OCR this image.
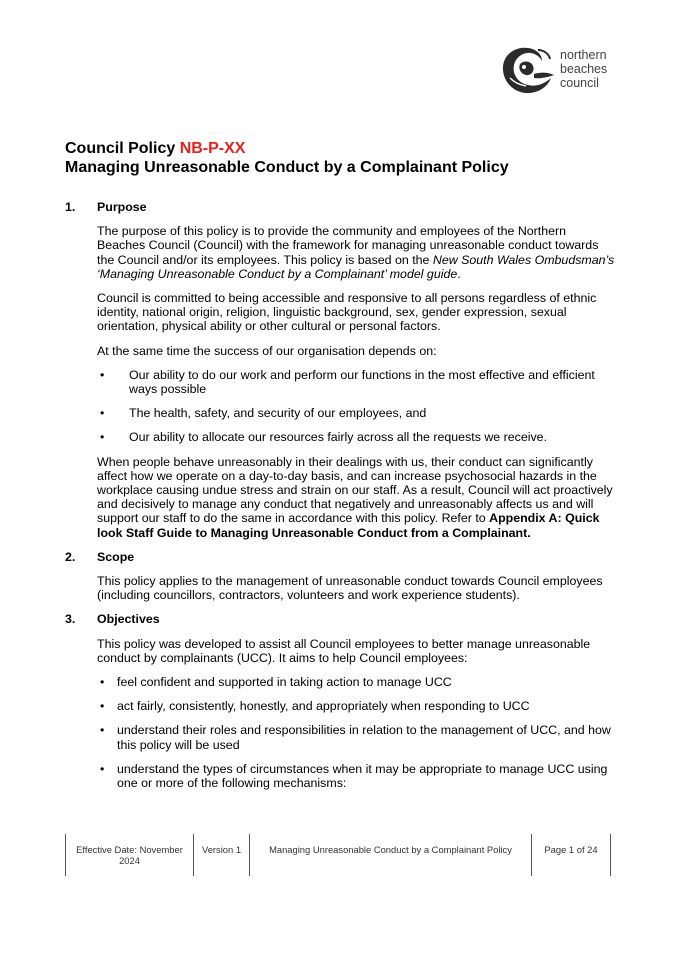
northern
beaches
council
Council Policy NB-P-XX
Managing Unreasonable Conduct by a Complainant Policy
1.	Purpose

The purpose of this policy is to provide the community and employees of the Northern Beaches Council (Council) with the framework for managing unreasonable conduct towards the Council and/or its employees. This policy is based on the New South Wales Ombudsman’s ‘Managing Unreasonable Conduct by a Complainant’ model guide.

Council is committed to being accessible and responsive to all persons regardless of ethnic identity, national origin, religion, linguistic background, sex, gender expression, sexual orientation, physical ability or other cultural or personal factors.

At the same time the success of our organisation depends on:

• Our ability to do our work and perform our functions in the most effective and efficient ways possible
• The health, safety, and security of our employees, and
• Our ability to allocate our resources fairly across all the requests we receive.

When people behave unreasonably in their dealings with us, their conduct can significantly affect how we operate on a day-to-day basis, and can increase psychosocial hazards in the workplace causing undue stress and strain on our staff. As a result, Council will act proactively and decisively to manage any conduct that negatively and unreasonably affects us and will support our staff to do the same in accordance with this policy. Refer to Appendix A: Quick look Staff Guide to Managing Unreasonable Conduct from a Complainant.

2.	Scope

This policy applies to the management of unreasonable conduct towards Council employees (including councillors, contractors, volunteers and work experience students).

3.	Objectives

This policy was developed to assist all Council employees to better manage unreasonable conduct by complainants (UCC). It aims to help Council employees:

• feel confident and supported in taking action to manage UCC
• act fairly, consistently, honestly, and appropriately when responding to UCC
• understand their roles and responsibilities in relation to the management of UCC, and how this policy will be used
• understand the types of circumstances when it may be appropriate to manage UCC using one or more of the following mechanisms:
Effective Date: November 2024
Version 1	Managing Unreasonable Conduct by a Complainant Policy	Page 1 of 24
